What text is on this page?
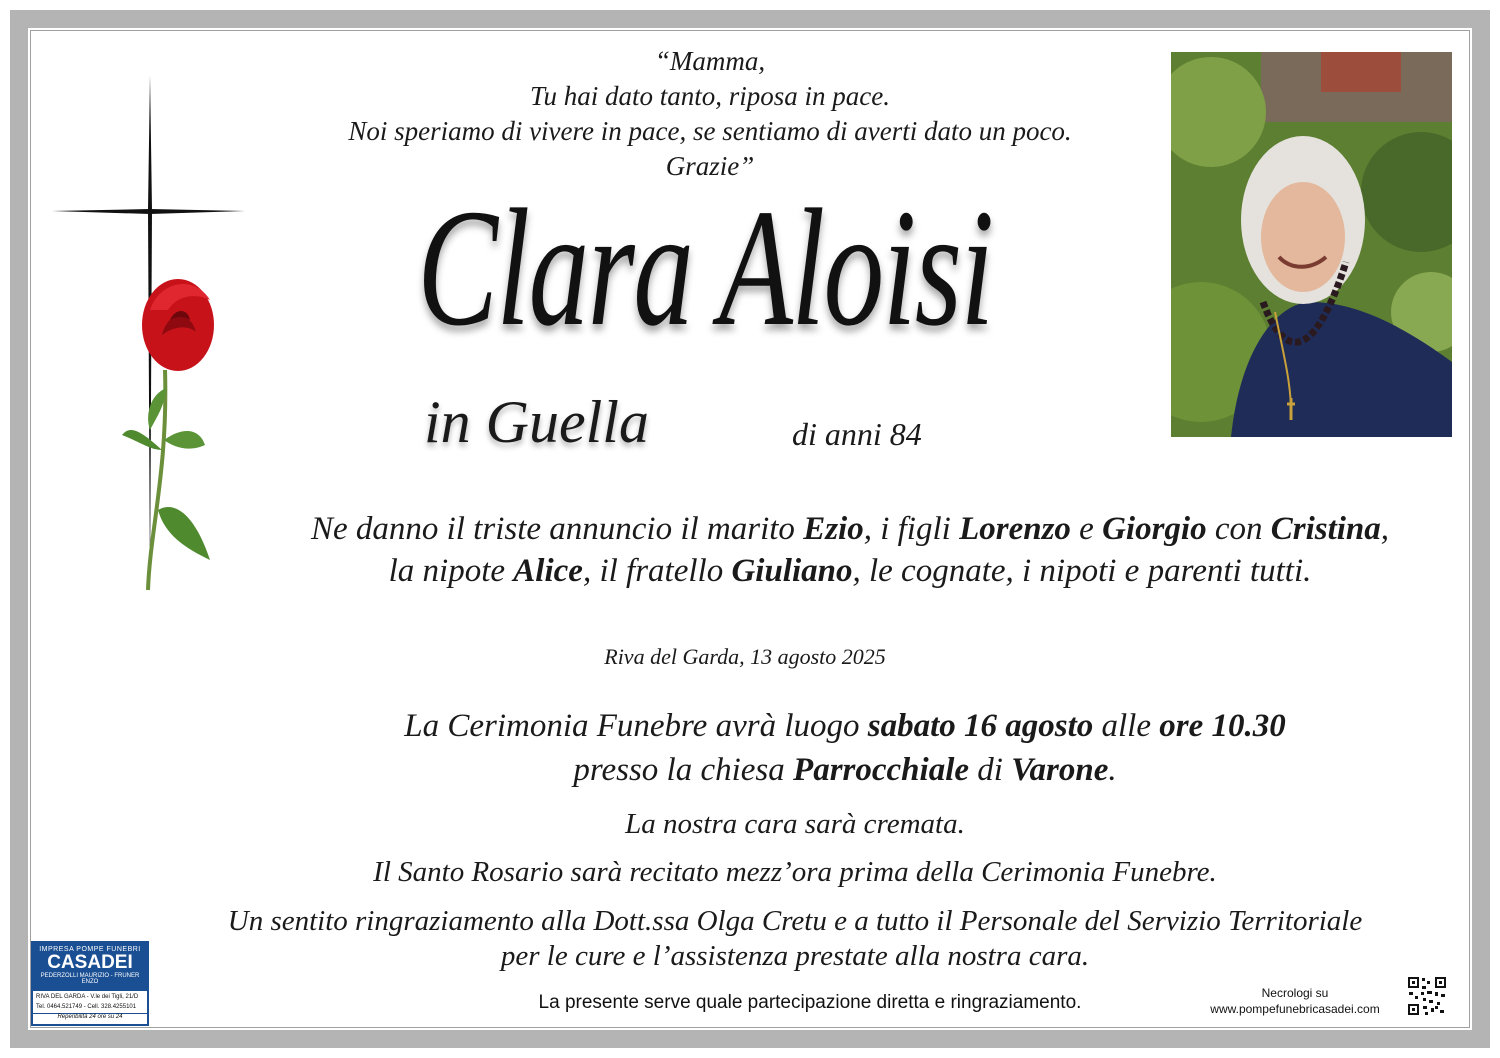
“Mamma,
Tu hai dato tanto, riposa in pace.
Noi speriamo di vivere in pace, se sentiamo di averti dato un poco.
Grazie”
Clara Aloisi
in Guella	di anni 84
Ne danno il triste annuncio il marito Ezio, i figli Lorenzo e Giorgio con Cristina,
la nipote Alice, il fratello Giuliano, le cognate, i nipoti e parenti tutti.
Riva del Garda, 13 agosto 2025
La Cerimonia Funebre avrà luogo sabato 16 agosto alle ore 10.30
presso la chiesa Parrocchiale di Varone.
La nostra cara sarà cremata.
Il Santo Rosario sarà recitato mezz’ora prima della Cerimonia Funebre.
Un sentito ringraziamento alla Dott.ssa Olga Cretu e a tutto il Personale del Servizio Territoriale
per le cure e l’assistenza prestate alla nostra cara.
La presente serve quale partecipazione diretta e ringraziamento.
IMPRESA POMPE FUNEBRI
CASADEI
PEDERZOLLI MAURIZIO - FRUNER ENZO
RIVA DEL GARDA - V.le dei Tigli, 21/D
Tel. 0464.521749 - Cell. 328.4255101
Reperibilità 24 ore su 24
Necrologi su
www.pompefunebricasadei.com
